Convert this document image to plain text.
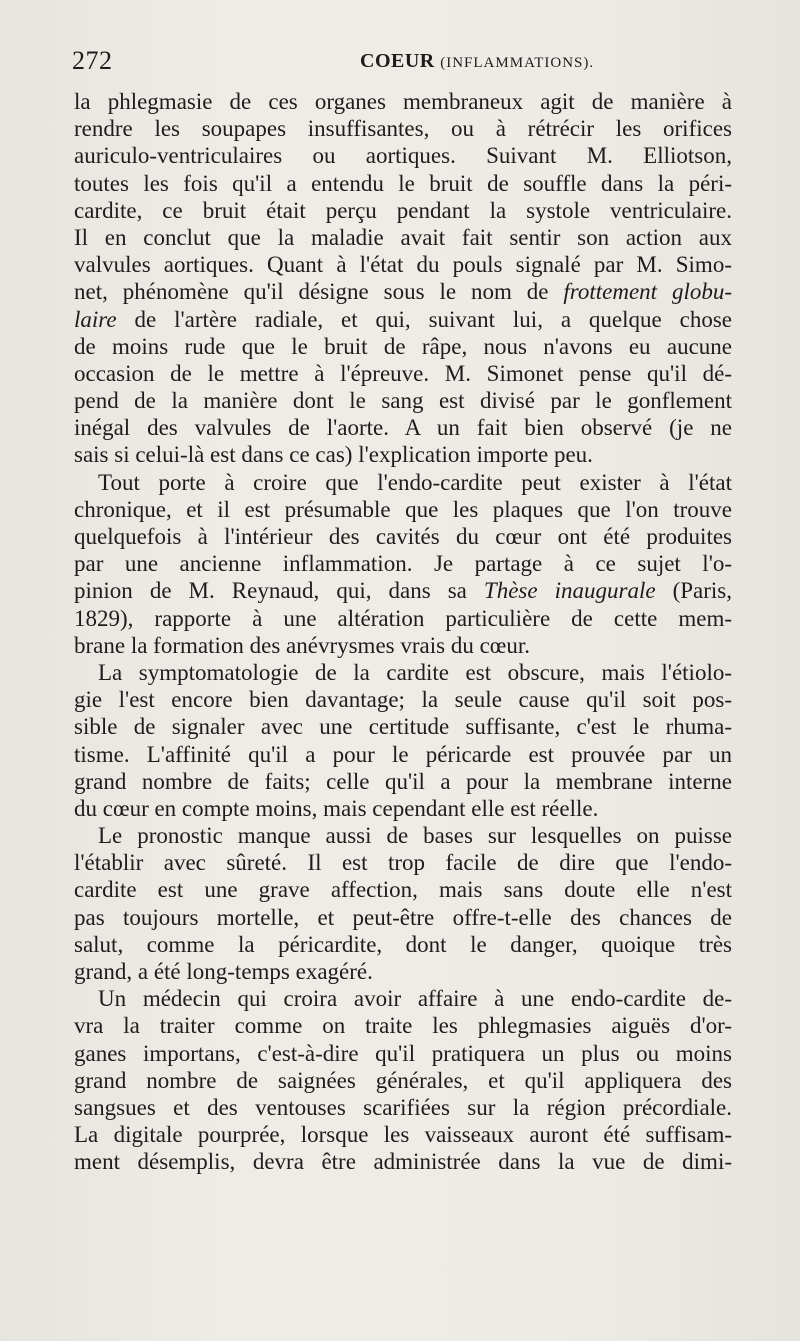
272	COEUR (INFLAMMATIONS).
la phlegmasie de ces organes membraneux agit de manière à
rendre les soupapes insuffisantes, ou à rétrécir les orifices
auriculo-ventriculaires ou aortiques. Suivant M. Elliotson,
toutes les fois qu'il a entendu le bruit de souffle dans la péri-
cardite, ce bruit était perçu pendant la systole ventriculaire.
Il en conclut que la maladie avait fait sentir son action aux
valvules aortiques. Quant à l'état du pouls signalé par M. Simo-
net, phénomène qu'il désigne sous le nom de frottement globu-
laire de l'artère radiale, et qui, suivant lui, a quelque chose
de moins rude que le bruit de râpe, nous n'avons eu aucune
occasion de le mettre à l'épreuve. M. Simonet pense qu'il dé-
pend de la manière dont le sang est divisé par le gonflement
inégal des valvules de l'aorte. A un fait bien observé (je ne
sais si celui-là est dans ce cas) l'explication importe peu.
Tout porte à croire que l'endo-cardite peut exister à l'état
chronique, et il est présumable que les plaques que l'on trouve
quelquefois à l'intérieur des cavités du cœur ont été produites
par une ancienne inflammation. Je partage à ce sujet l'o-
pinion de M. Reynaud, qui, dans sa Thèse inaugurale (Paris,
1829), rapporte à une altération particulière de cette mem-
brane la formation des anévrysmes vrais du cœur.
La symptomatologie de la cardite est obscure, mais l'étiolo-
gie l'est encore bien davantage; la seule cause qu'il soit pos-
sible de signaler avec une certitude suffisante, c'est le rhuma-
tisme. L'affinité qu'il a pour le péricarde est prouvée par un
grand nombre de faits; celle qu'il a pour la membrane interne
du cœur en compte moins, mais cependant elle est réelle.
Le pronostic manque aussi de bases sur lesquelles on puisse
l'établir avec sûreté. Il est trop facile de dire que l'endo-
cardite est une grave affection, mais sans doute elle n'est
pas toujours mortelle, et peut-être offre-t-elle des chances de
salut, comme la péricardite, dont le danger, quoique très
grand, a été long-temps exagéré.
Un médecin qui croira avoir affaire à une endo-cardite de-
vra la traiter comme on traite les phlegmasies aiguës d'or-
ganes importans, c'est-à-dire qu'il pratiquera un plus ou moins
grand nombre de saignées générales, et qu'il appliquera des
sangsues et des ventouses scarifiées sur la région précordiale.
La digitale pourprée, lorsque les vaisseaux auront été suffisam-
ment désemplis, devra être administrée dans la vue de dimi-
